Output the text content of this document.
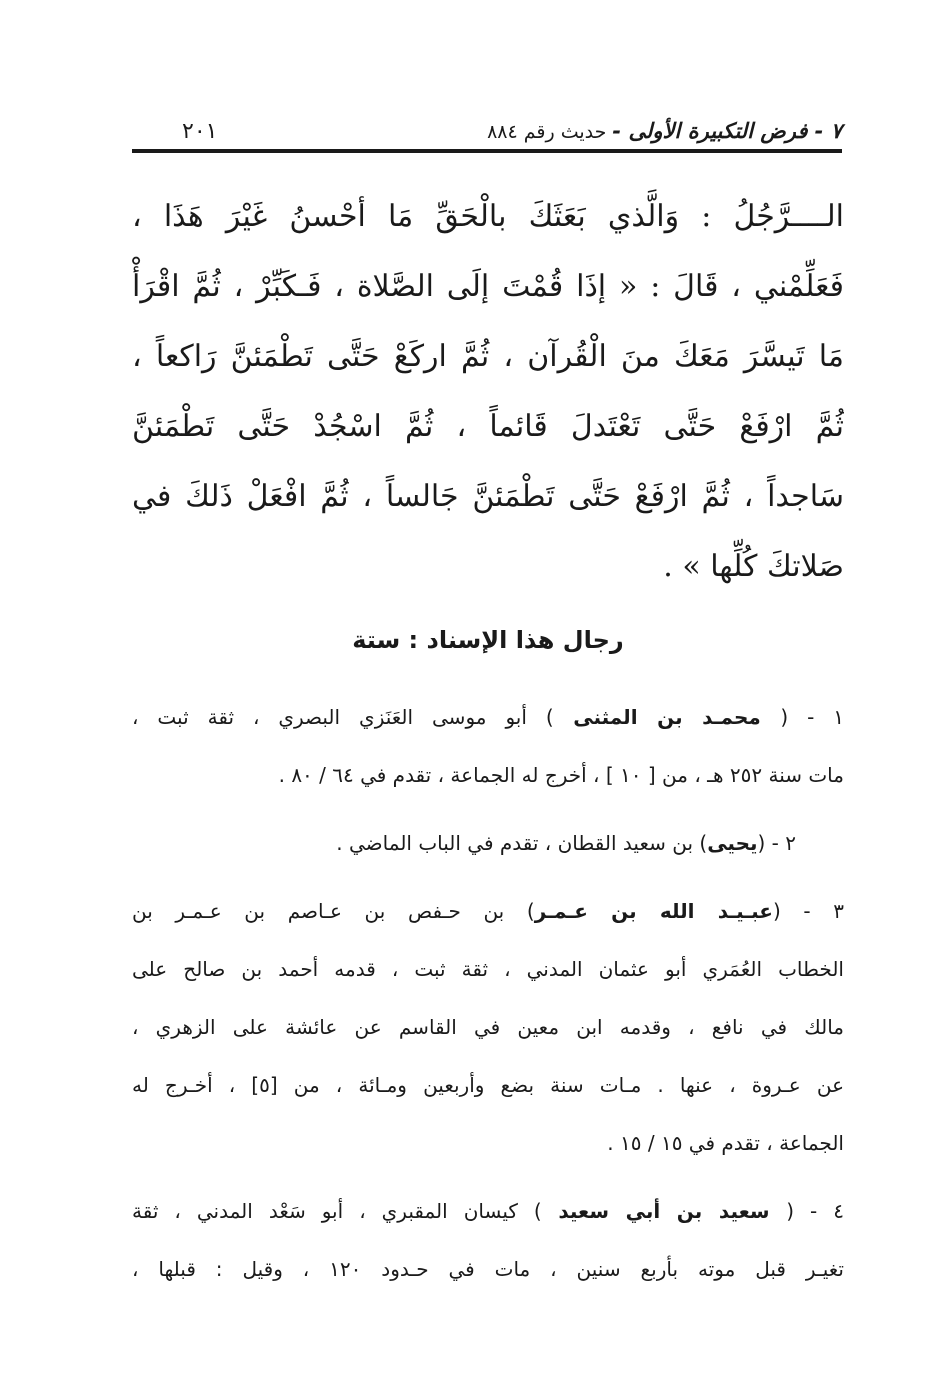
٧ - فرض التكبيرة الأولى - حديث رقم ٨٨٤
٢٠١
الــــرَّجُلُ : وَالَّذي بَعَثَكَ بالْحَقِّ مَا أحْسنُ غَيْرَ هَذَا ،
فَعَلِّمْني ، قَالَ : « إذَا قُمْتَ إلَى الصَّلاة ، فَـكَبِّرْ ، ثُمَّ اقْرَأْ
مَا تَيسَّرَ مَعَكَ منَ الْقُرآن ، ثُمَّ اركَعْ حَتَّى تَطْمَئنَّ رَاكعاً ،
ثُمَّ ارْفَعْ حَتَّى تَعْتَدلَ قَائماً ، ثُمَّ اسْجُدْ حَتَّى تَطْمَئنَّ
سَاجداً ، ثُمَّ ارْفَعْ حَتَّى تَطْمَئنَّ جَالساً ، ثُمَّ افْعَلْ ذَلكَ في
صَلاتكَ كُلِّها » .
رجال هذا الإسناد : ستة
١ - ( محمـد بن المثنى ) أبو موسى العَنَزي البصري ، ثقة ثبت ،
مات سنة ٢٥٢ هـ ، من [ ١٠ ] ، أخرج له الجماعة ، تقدم في ٦٤ / ٨٠ .
٢ - (يحيى) بن سعيد القطان ، تقدم في الباب الماضي .
٣ - (عبـيـد الله بن عـمـر) بن حـفص بن عـاصم بن عـمـر بن
الخطاب العُمَري أبو عثمان المدني ، ثقة ثبت ، قدمه أحمد بن صالح على
مالك في نافع ، وقدمه ابن معين في القاسم عن عائشة على الزهري ،
عن عـروة ، عنها . مـات سنة بضع وأربعين ومـائة ، من [٥] ، أخـرج له
الجماعة ، تقدم في ١٥ / ١٥ .
٤ - ( سعيد بن أبي سعيد ) كيسان المقبري ، أبو سَعْد المدني ، ثقة
تغيـر قبل موته بأربع سنين ، مات في حـدود ١٢٠ ، وقيل : قبلها ،
